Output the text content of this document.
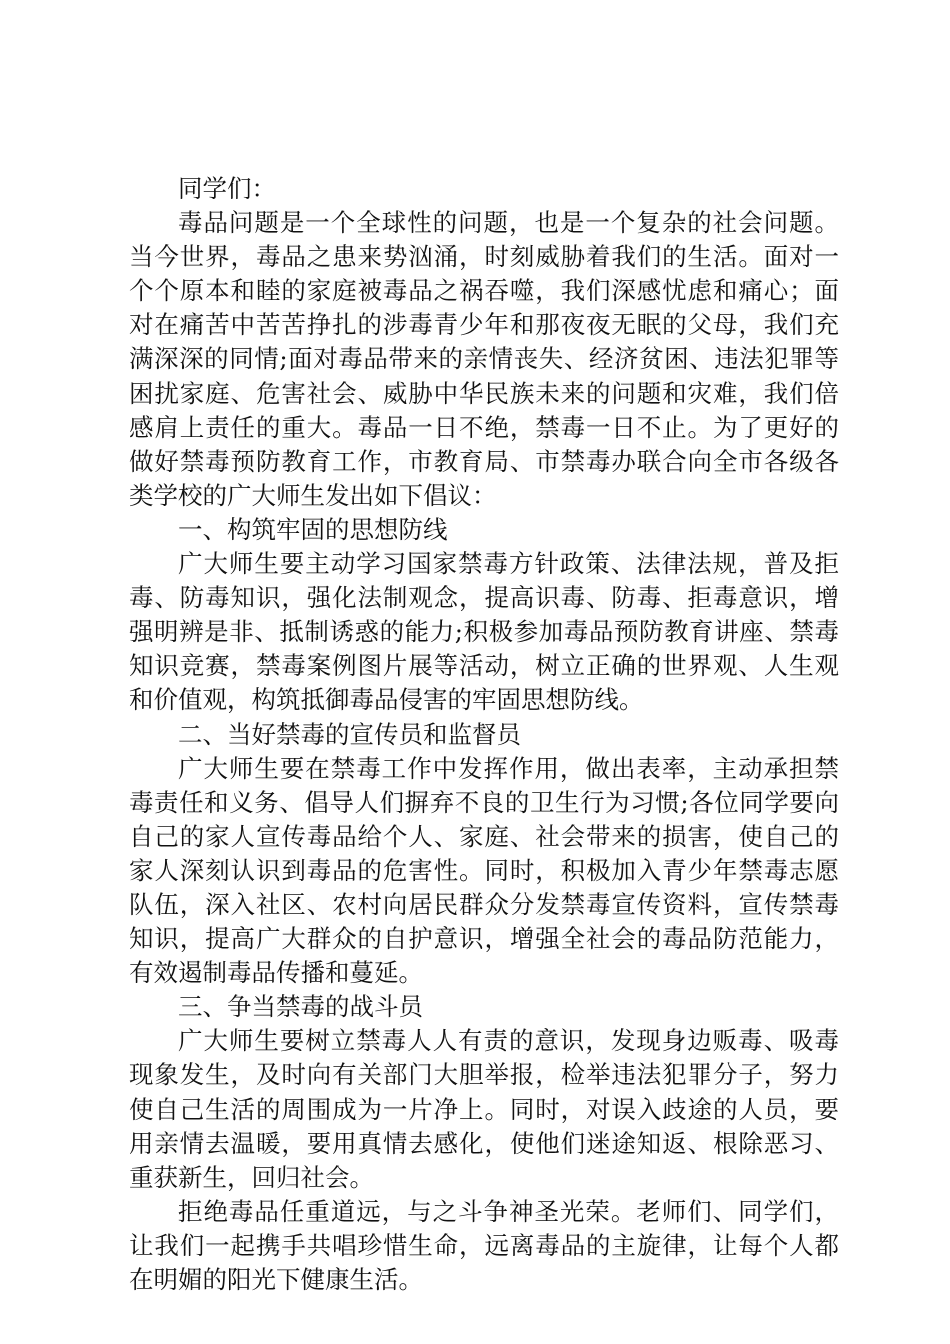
同学们：

毒品问题是一个全球性的问题，也是一个复杂的社会问题。当今世界，毒品之患来势汹涌，时刻威胁着我们的生活。面对一个个原本和睦的家庭被毒品之祸吞噬，我们深感忧虑和痛心；面对在痛苦中苦苦挣扎的涉毒青少年和那夜夜无眠的父母，我们充满深深的同情;面对毒品带来的亲情丧失、经济贫困、违法犯罪等困扰家庭、危害社会、威胁中华民族未来的问题和灾难，我们倍感肩上责任的重大。毒品一日不绝，禁毒一日不止。为了更好的做好禁毒预防教育工作，市教育局、市禁毒办联合向全市各级各类学校的广大师生发出如下倡议：

一、构筑牢固的思想防线

广大师生要主动学习国家禁毒方针政策、法律法规，普及拒毒、防毒知识，强化法制观念，提高识毒、防毒、拒毒意识，增强明辨是非、抵制诱惑的能力;积极参加毒品预防教育讲座、禁毒知识竞赛，禁毒案例图片展等活动，树立正确的世界观、人生观和价值观，构筑抵御毒品侵害的牢固思想防线。

二、当好禁毒的宣传员和监督员

广大师生要在禁毒工作中发挥作用，做出表率，主动承担禁毒责任和义务、倡导人们摒弃不良的卫生行为习惯;各位同学要向自己的家人宣传毒品给个人、家庭、社会带来的损害，使自己的家人深刻认识到毒品的危害性。同时，积极加入青少年禁毒志愿队伍，深入社区、农村向居民群众分发禁毒宣传资料，宣传禁毒知识，提高广大群众的自护意识，增强全社会的毒品防范能力，有效遏制毒品传播和蔓延。

三、争当禁毒的战斗员

广大师生要树立禁毒人人有责的意识，发现身边贩毒、吸毒现象发生，及时向有关部门大胆举报，检举违法犯罪分子，努力使自己生活的周围成为一片净上。同时，对误入歧途的人员，要用亲情去温暖，要用真情去感化，使他们迷途知返、根除恶习、重获新生，回归社会。

拒绝毒品任重道远，与之斗争神圣光荣。老师们、同学们，让我们一起携手共唱珍惜生命，远离毒品的主旋律，让每个人都在明媚的阳光下健康生活。
